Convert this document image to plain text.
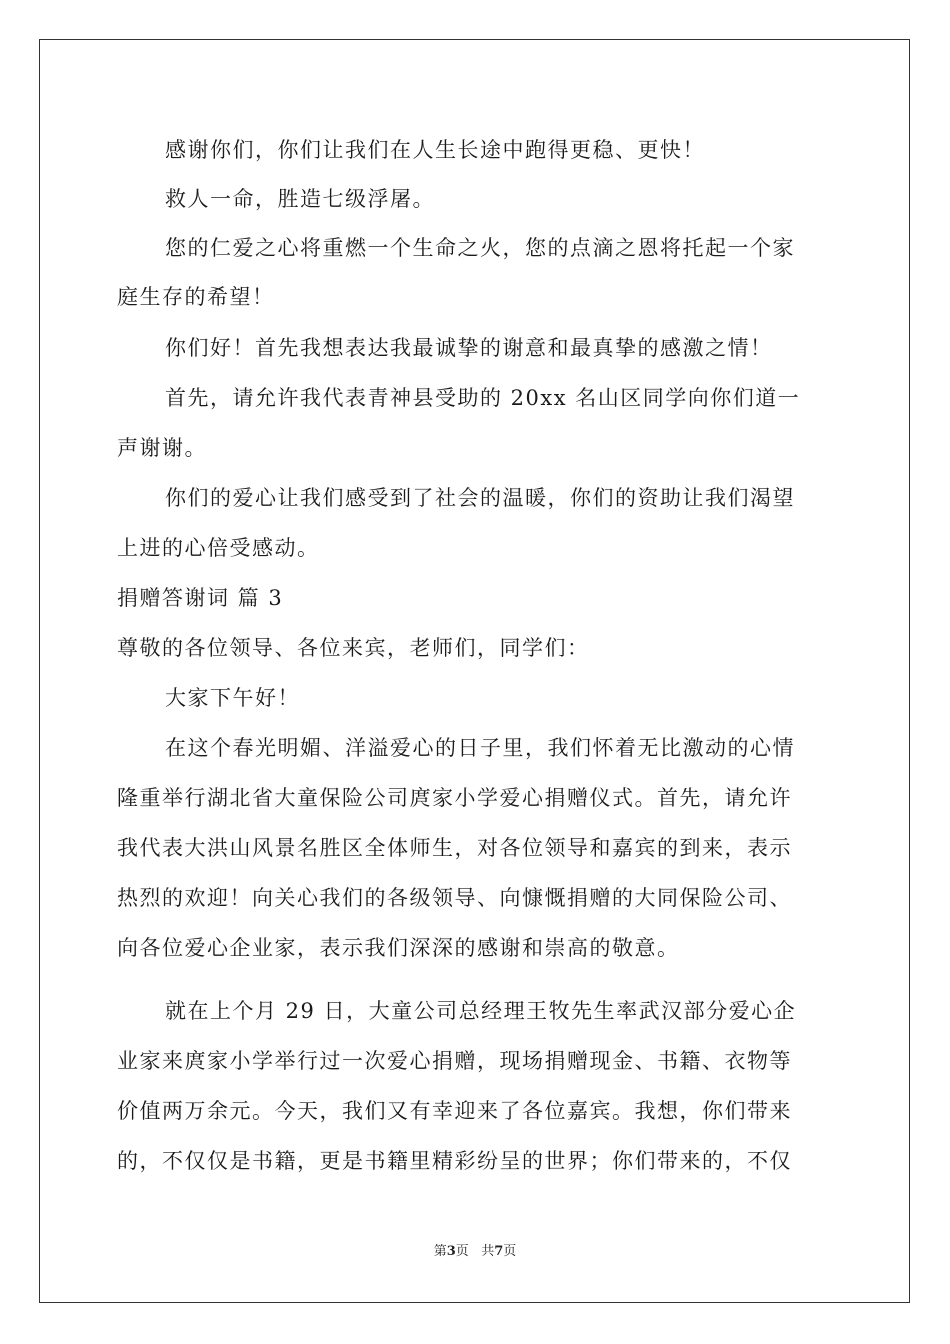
感谢你们，你们让我们在人生长途中跑得更稳、更快！
救人一命，胜造七级浮屠。
您的仁爱之心将重燃一个生命之火，您的点滴之恩将托起一个家
庭生存的希望！
你们好！首先我想表达我最诚挚的谢意和最真挚的感激之情！
首先，请允许我代表青神县受助的 20xx 名山区同学向你们道一
声谢谢。
你们的爱心让我们感受到了社会的温暖，你们的资助让我们渴望
上进的心倍受感动。
捐赠答谢词 篇 3
尊敬的各位领导、各位来宾，老师们，同学们：
大家下午好！
在这个春光明媚、洋溢爱心的日子里，我们怀着无比激动的心情
隆重举行湖北省大童保险公司庹家小学爱心捐赠仪式。首先，请允许
我代表大洪山风景名胜区全体师生，对各位领导和嘉宾的到来，表示
热烈的欢迎！向关心我们的各级领导、向慷慨捐赠的大同保险公司、
向各位爱心企业家，表示我们深深的感谢和崇高的敬意。
就在上个月 29 日，大童公司总经理王牧先生率武汉部分爱心企
业家来庹家小学举行过一次爱心捐赠，现场捐赠现金、书籍、衣物等
价值两万余元。今天，我们又有幸迎来了各位嘉宾。我想，你们带来
的，不仅仅是书籍，更是书籍里精彩纷呈的世界；你们带来的，不仅
第3页 共7页
